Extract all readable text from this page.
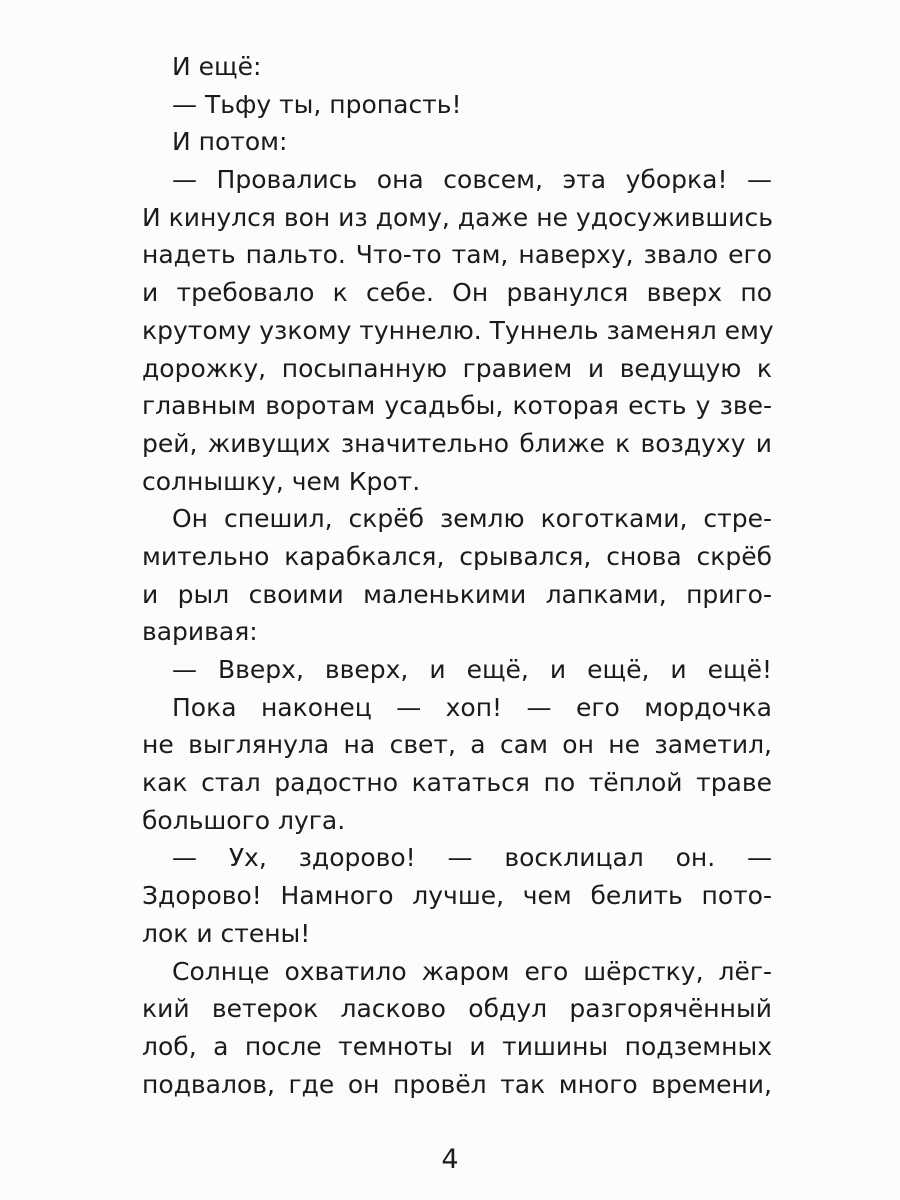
И ещё:
— Тьфу ты, пропасть!
И потом:
— Провались она совсем, эта уборка! —
И кинулся вон из дому, даже не удосужившись
надеть пальто. Что-то там, наверху, звало его
и требовало к себе. Он рванулся вверх по
крутому узкому туннелю. Туннель заменял ему
дорожку, посыпанную гравием и ведущую к
главным воротам усадьбы, которая есть у зве-
рей, живущих значительно ближе к воздуху и
солнышку, чем Крот.
Он спешил, скрёб землю коготками, стре-
мительно карабкался, срывался, снова скрёб
и рыл своими маленькими лапками, приго-
варивая:
— Вверх, вверх, и ещё, и ещё, и ещё!
Пока наконец — хоп! — его мордочка
не выглянула на свет, а сам он не заметил,
как стал радостно кататься по тёплой траве
большого луга.
— Ух, здорово! — восклицал он. —
Здорово! Намного лучше, чем белить пото-
лок и стены!
Солнце охватило жаром его шёрстку, лёг-
кий ветерок ласково обдул разгорячённый
лоб, а после темноты и тишины подземных
подвалов, где он провёл так много времени,
4
